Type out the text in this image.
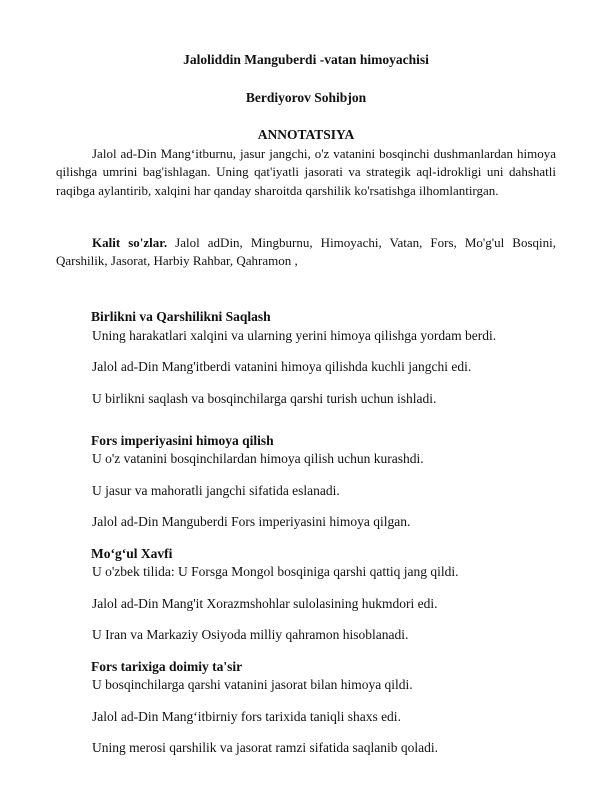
Jaloliddin Manguberdi -vatan himoyachisi
Berdiyorov Sohibjon
ANNOTATSIYA
Jalol ad-Din Mang‘itburnu, jasur jangchi, o'z vatanini bosqinchi dushmanlardan himoya qilishga umrini bag'ishlagan. Uning qat'iyatli jasorati va strategik aql-idrokligi uni dahshatli raqibga aylantirib, xalqini har qanday sharoitda qarshilik ko'rsatishga ilhomlantirgan.
Kalit so'zlar. Jalol adDin, Mingburnu, Himoyachi, Vatan, Fors, Mo'g'ul Bosqini, Qarshilik, Jasorat, Harbiy Rahbar, Qahramon ,
Birlikni va Qarshilikni Saqlash
Uning harakatlari xalqini va ularning yerini himoya qilishga yordam berdi.
Jalol ad-Din Mang'itberdi vatanini himoya qilishda kuchli jangchi edi.
U birlikni saqlash va bosqinchilarga qarshi turish uchun ishladi.
Fors imperiyasini himoya qilish
U o'z vatanini bosqinchilardan himoya qilish uchun kurashdi.
U jasur va mahoratli jangchi sifatida eslanadi.
Jalol ad-Din Manguberdi Fors imperiyasini himoya qilgan.
Mo‘g‘ul Xavfi
U o'zbek tilida: U Forsga Mongol bosqiniga qarshi qattiq jang qildi.
Jalol ad-Din Mang'it Xorazmshohlar sulolasining hukmdori edi.
U Iran va Markaziy Osiyoda milliy qahramon hisoblanadi.
Fors tarixiga doimiy ta'sir
U bosqinchilarga qarshi vatanini jasorat bilan himoya qildi.
Jalol ad-Din Mang‘itbirniy fors tarixida taniqli shaxs edi.
Uning merosi qarshilik va jasorat ramzi sifatida saqlanib qoladi.
